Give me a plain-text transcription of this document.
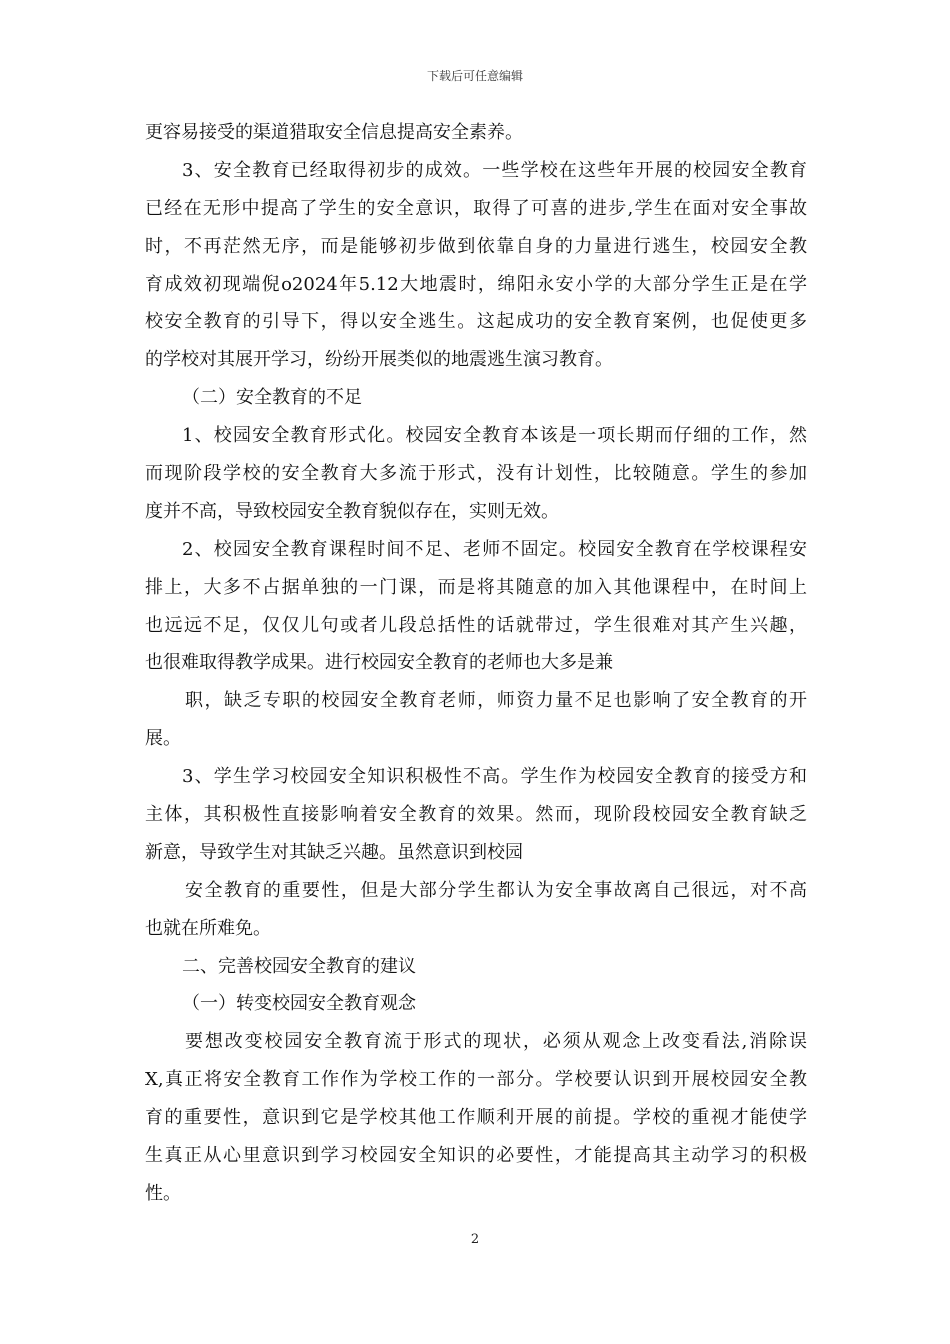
下载后可任意编辑
更容易接受的渠道猎取安全信息提高安全素养。
3、安全教育已经取得初步的成效。一些学校在这些年开展的校园安全教育
已经在无形中提高了学生的安全意识，取得了可喜的进步,学生在面对安全事故
时，不再茫然无序，而是能够初步做到依靠自身的力量进行逃生，校园安全教
育成效初现端倪o2024年5.12大地震时，绵阳永安小学的大部分学生正是在学
校安全教育的引导下，得以安全逃生。这起成功的安全教育案例，也促使更多
的学校对其展开学习，纷纷开展类似的地震逃生演习教育。
（二）安全教育的不足
1、校园安全教育形式化。校园安全教育本该是一项长期而仔细的工作，然
而现阶段学校的安全教育大多流于形式，没有计划性，比较随意。学生的参加
度并不高，导致校园安全教育貌似存在，实则无效。
2、校园安全教育课程时间不足、老师不固定。校园安全教育在学校课程安
排上，大多不占据单独的一门课，而是将其随意的加入其他课程中，在时间上
也远远不足，仅仅儿句或者儿段总括性的话就带过，学生很难对其产生兴趣，
也很难取得教学成果。进行校园安全教育的老师也大多是兼
职，缺乏专职的校园安全教育老师，师资力量不足也影响了安全教育的开
展。
3、学生学习校园安全知识积极性不高。学生作为校园安全教育的接受方和
主体，其积极性直接影响着安全教育的效果。然而，现阶段校园安全教育缺乏
新意，导致学生对其缺乏兴趣。虽然意识到校园
安全教育的重要性，但是大部分学生都认为安全事故离自己很远，对不高
也就在所难免。
二、完善校园安全教育的建议
（一）转变校园安全教育观念
要想改变校园安全教育流于形式的现状，必须从观念上改变看法,消除误
X,真正将安全教育工作作为学校工作的一部分。学校要认识到开展校园安全教
育的重要性，意识到它是学校其他工作顺利开展的前提。学校的重视才能使学
生真正从心里意识到学习校园安全知识的必要性，才能提高其主动学习的积极
性。
2
